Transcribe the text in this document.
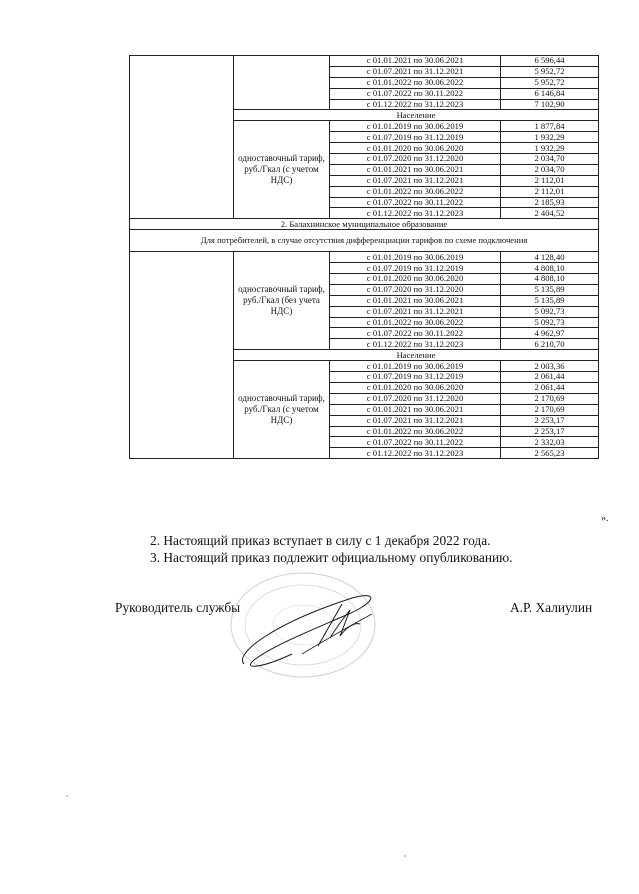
		с 01.01.2021 по 30.06.2021	6 596,44
		с 01.07.2021 по 31.12.2021	5 952,72
		с 01.01.2022 по 30.06.2022	5 952,72
		с 01.07.2022 по 30.11.2022	6 146,84
		с 01.12.2022 по 31.12.2023	7 102,90
	Население		
	одноставочный тариф, руб./Гкал (с учетом НДС)	с 01.01.2019 по 30.06.2019	1 877,84
		с 01.07.2019 по 31.12.2019	1 932,29
		с 01.01.2020 по 30.06.2020	1 932,29
		с 01.07.2020 по 31.12.2020	2 034,70
		с 01.01.2021 по 30.06.2021	2 034,70
		с 01.07.2021 по 31.12.2021	2 112,01
		с 01.01.2022 по 30.06.2022	2 112,01
		с 01.07.2022 по 30.11.2022	2 185,93
		с 01.12.2022 по 31.12.2023	2 404,52
2. Балахнинское муниципальное образование			
Для потребителей, в случае отсутствия дифференциации тарифов по схеме подключения			
	одноставочный тариф, руб./Гкал (без учета НДС)	с 01.01.2019 по 30.06.2019	4 128,40
		с 01.07.2019 по 31.12.2019	4 808,10
		с 01.01.2020 по 30.06.2020	4 808,10
		с 01.07.2020 по 31.12.2020	5 135,89
		с 01.01.2021 по 30.06.2021	5 135,89
		с 01.07.2021 по 31.12.2021	5 092,73
		с 01.01.2022 по 30.06.2022	5 092,73
		с 01.07.2022 по 30.11.2022	4 962,97
		с 01.12.2022 по 31.12.2023	6 210,70
	Население		
	одноставочный тариф, руб./Гкал (с учетом НДС)	с 01.01.2019 по 30.06.2019	2 003,36
		с 01.07.2019 по 31.12.2019	2 061,44
		с 01.01.2020 по 30.06.2020	2 061,44
		с 01.07.2020 по 31.12.2020	2 170,69
		с 01.01.2021 по 30.06.2021	2 170,69
		с 01.07.2021 по 31.12.2021	2 253,17
		с 01.01.2022 по 30.06.2022	2 253,17
		с 01.07.2022 по 30.11.2022	2 332,03
		с 01.12.2022 по 31.12.2023	2 565,23
».
2. Настоящий приказ вступает в силу с 1 декабря 2022 года.
3. Настоящий приказ подлежит официальному опубликованию.
Руководитель службы	А.Р. Халиулин
